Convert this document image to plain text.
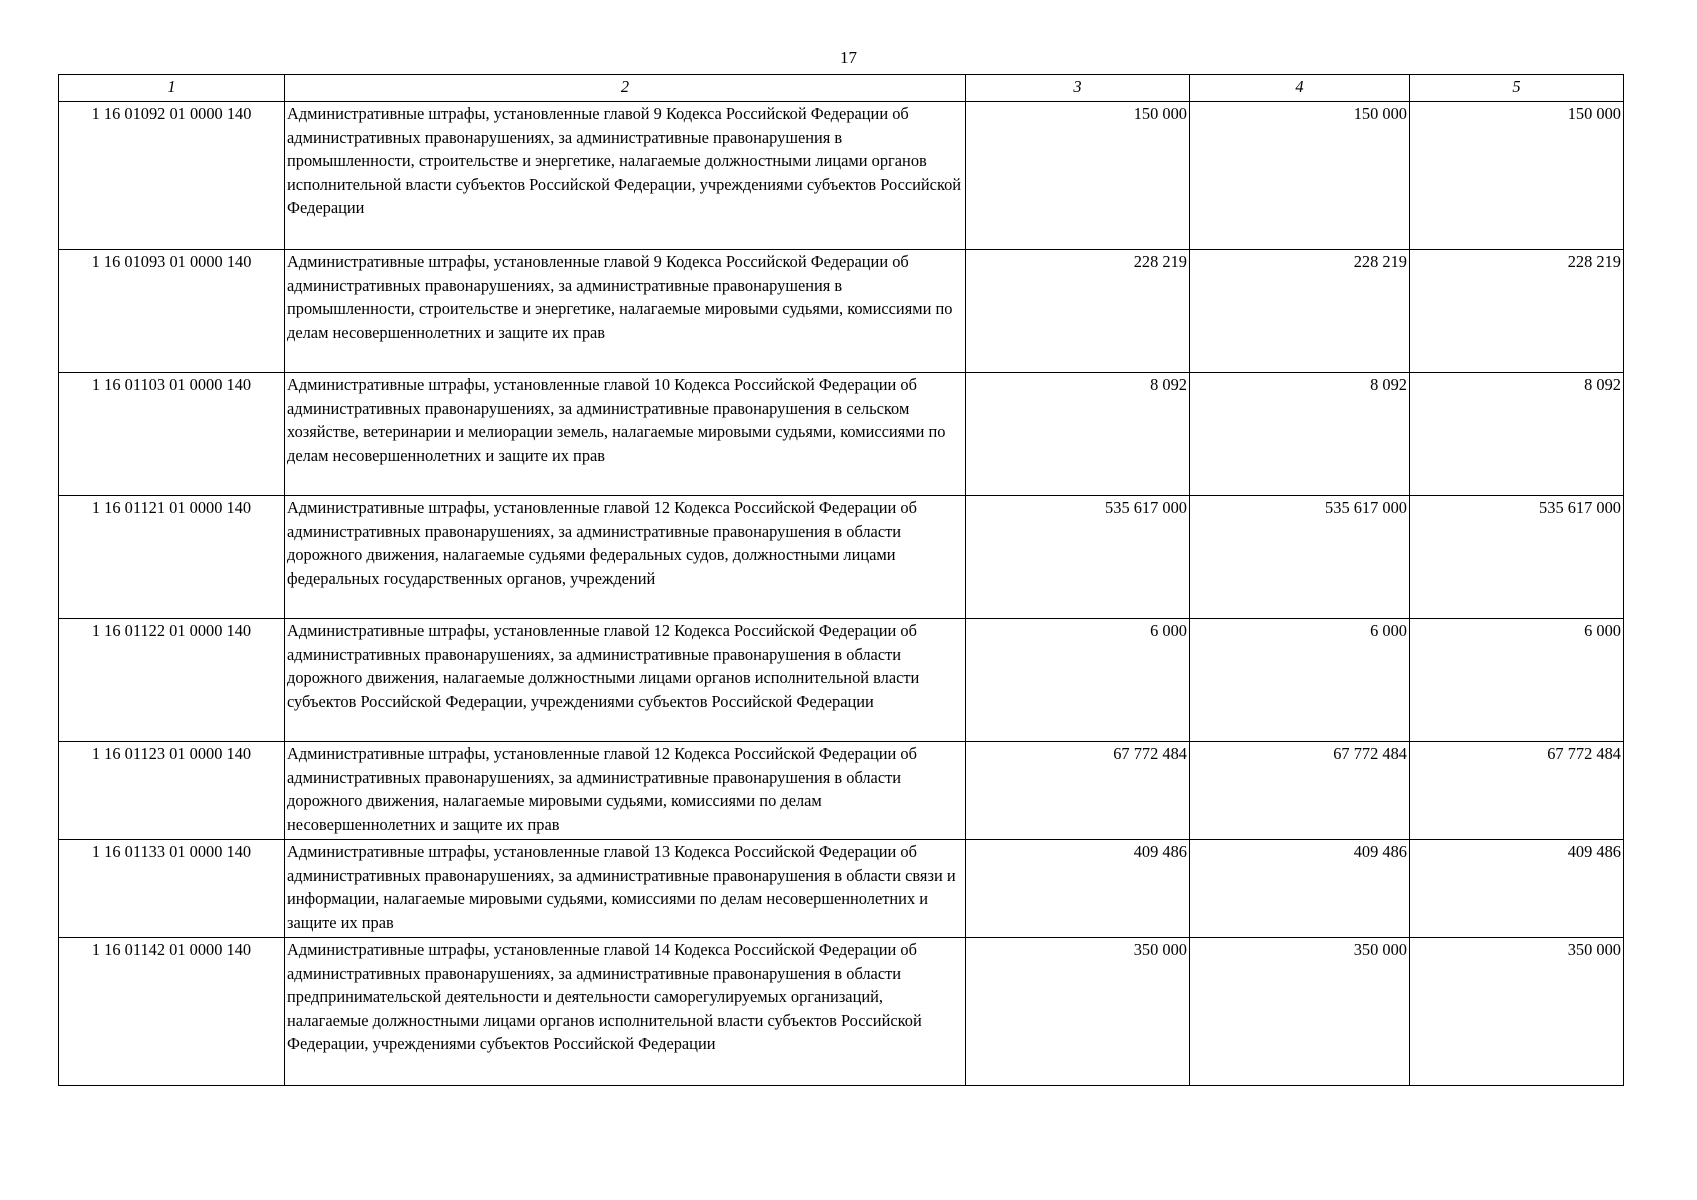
17
1	2	3	4	5
1 16 01092 01 0000 140	Административные штрафы, установленные главой 9 Кодекса Российской Федерации об административных правонарушениях, за административные правонарушения в промышленности, строительстве и энергетике, налагаемые должностными лицами органов исполнительной власти субъектов Российской Федерации, учреждениями субъектов Российской Федерации	150 000	150 000	150 000
1 16 01093 01 0000 140	Административные штрафы, установленные главой 9 Кодекса Российской Федерации об административных правонарушениях, за административные правонарушения в промышленности, строительстве и энергетике, налагаемые мировыми судьями, комиссиями по делам несовершеннолетних и защите их прав	228 219	228 219	228 219
1 16 01103 01 0000 140	Административные штрафы, установленные главой 10 Кодекса Российской Федерации об административных правонарушениях, за административные правонарушения в сельском хозяйстве, ветеринарии и мелиорации земель, налагаемые мировыми судьями, комиссиями по делам несовершеннолетних и защите их прав	8 092	8 092	8 092
1 16 01121 01 0000 140	Административные штрафы, установленные главой 12 Кодекса Российской Федерации об административных правонарушениях, за административные правонарушения в области дорожного движения, налагаемые судьями федеральных судов, должностными лицами федеральных государственных органов, учреждений	535 617 000	535 617 000	535 617 000
1 16 01122 01 0000 140	Административные штрафы, установленные главой 12 Кодекса Российской Федерации об административных правонарушениях, за административные правонарушения в области дорожного движения, налагаемые должностными лицами органов исполнительной власти субъектов Российской Федерации, учреждениями субъектов Российской Федерации	6 000	6 000	6 000
1 16 01123 01 0000 140	Административные штрафы, установленные главой 12 Кодекса Российской Федерации об административных правонарушениях, за административные правонарушения в области дорожного движения, налагаемые мировыми судьями, комиссиями по делам несовершеннолетних и защите их прав	67 772 484	67 772 484	67 772 484
1 16 01133 01 0000 140	Административные штрафы, установленные главой 13 Кодекса Российской Федерации об административных правонарушениях, за административные правонарушения в области связи и информации, налагаемые мировыми судьями, комиссиями по делам несовершеннолетних и защите их прав	409 486	409 486	409 486
1 16 01142 01 0000 140	Административные штрафы, установленные главой 14 Кодекса Российской Федерации об административных правонарушениях, за административные правонарушения в области предпринимательской деятельности и деятельности саморегулируемых организаций, налагаемые должностными лицами органов исполнительной власти субъектов Российской Федерации, учреждениями субъектов Российской Федерации	350 000	350 000	350 000
